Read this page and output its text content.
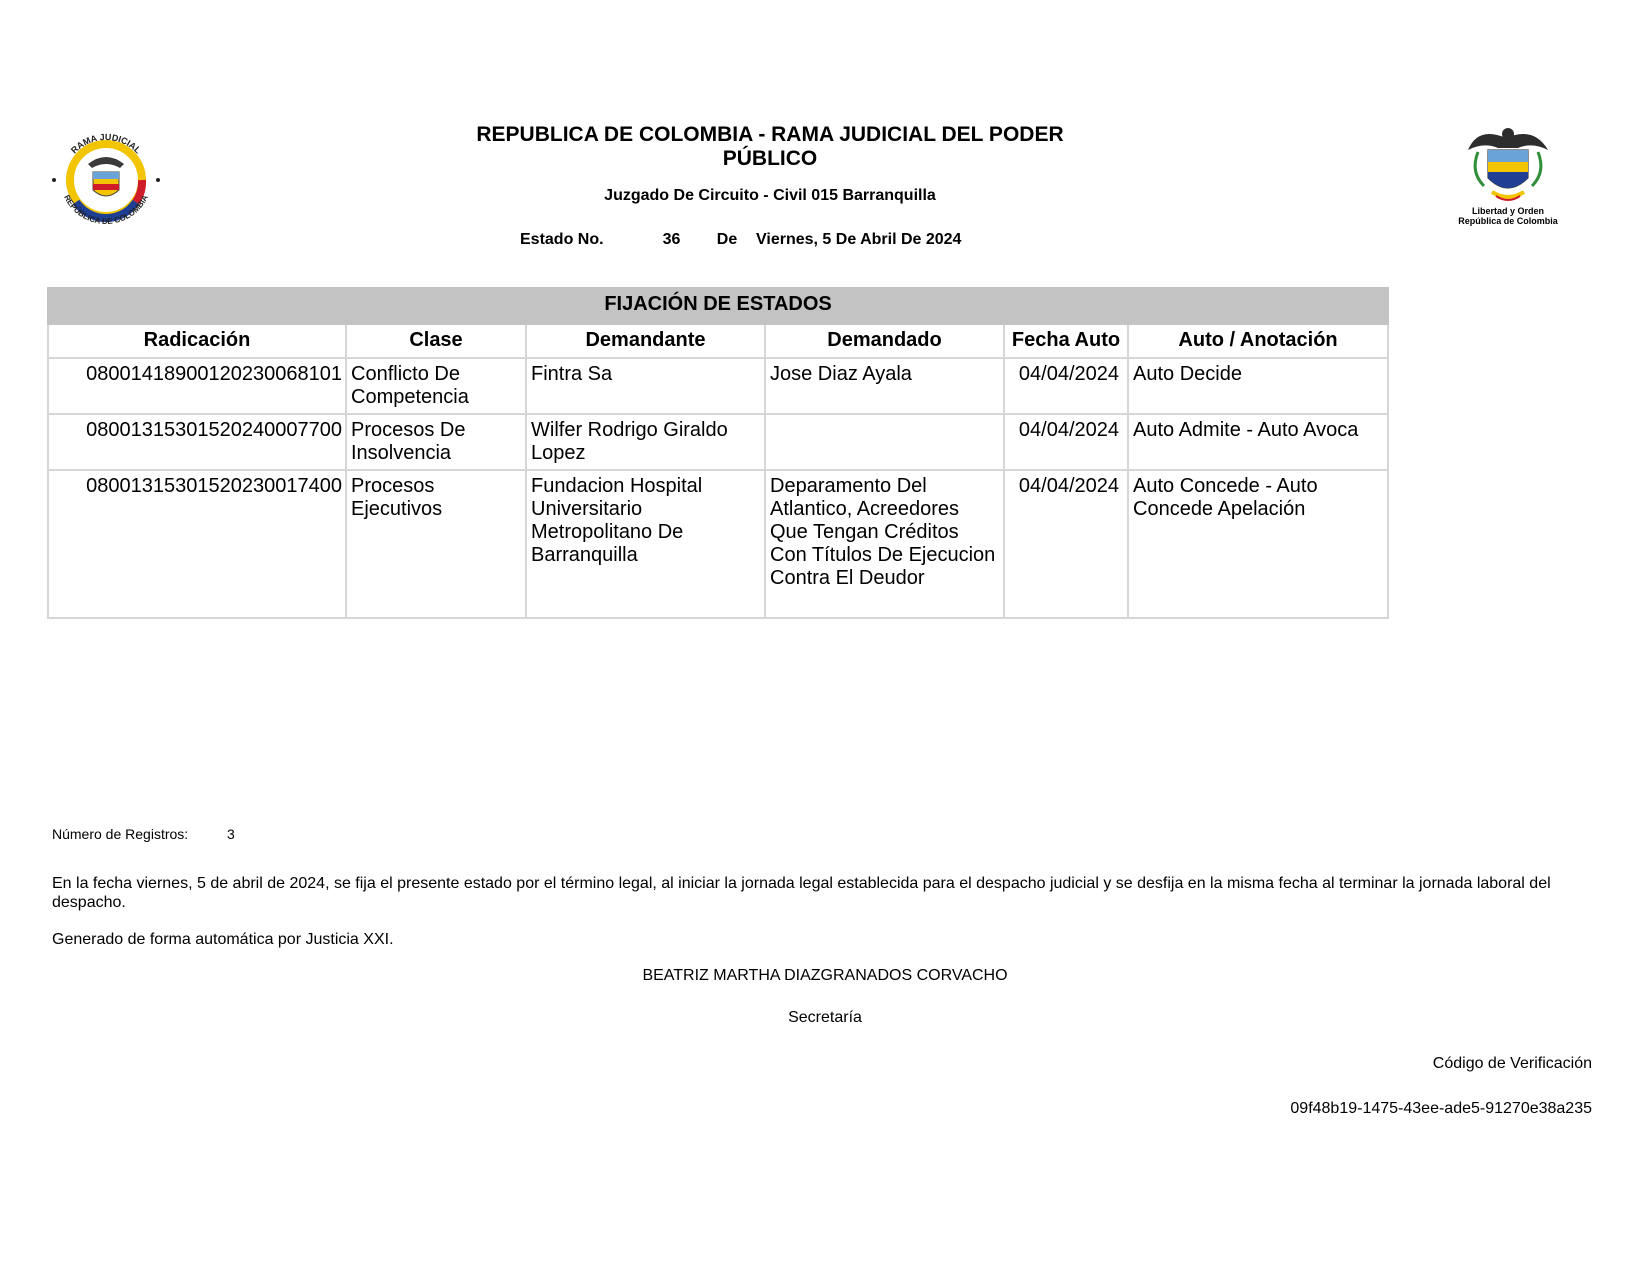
RAMA JUDICIAL
REPÚBLICA DE COLOMBIA
Libertad y Orden
República de Colombia
REPUBLICA DE COLOMBIA - RAMA JUDICIAL DEL PODER
PÚBLICO
Juzgado De Circuito - Civil 015 Barranquilla
Estado No.	36 De Viernes, 5 De Abril De 2024
FIJACIÓN DE ESTADOS					
Radicación	Clase	Demandante	Demandado	Fecha Auto	Auto / Anotación
08001418900120230068101	Conflicto De Competencia	Fintra Sa	Jose Diaz Ayala	04/04/2024	Auto Decide
08001315301520240007700	Procesos De Insolvencia	Wilfer Rodrigo Giraldo Lopez		04/04/2024	Auto Admite - Auto Avoca
08001315301520230017400	Procesos Ejecutivos	Fundacion Hospital Universitario Metropolitano De Barranquilla	Deparamento Del Atlantico, Acreedores Que Tengan Créditos Con Títulos De Ejecucion Contra El Deudor	04/04/2024	Auto Concede - Auto Concede Apelación
Número de Registros:	3
En la fecha viernes, 5 de abril de 2024, se fija el presente estado por el término legal, al iniciar la jornada legal establecida para el despacho judicial y se desfija en la misma fecha al terminar la jornada laboral del despacho.
Generado de forma automática por Justicia XXI.
BEATRIZ MARTHA DIAZGRANADOS CORVACHO
Secretaría
Código de Verificación
09f48b19-1475-43ee-ade5-91270e38a235
